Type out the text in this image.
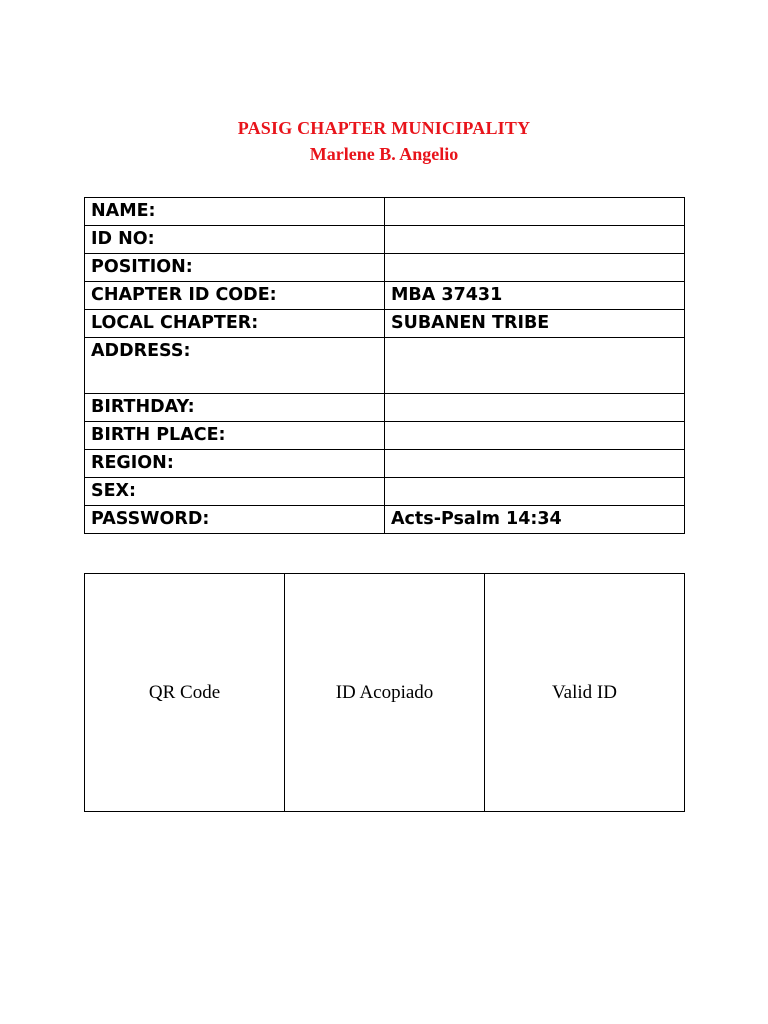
PASIG CHAPTER MUNICIPALITY
Marlene B. Angelio
NAME:	
ID NO:	
POSITION:	
CHAPTER ID CODE:	MBA 37431
LOCAL CHAPTER:	SUBANEN TRIBE
ADDRESS:	
BIRTHDAY:	
BIRTH PLACE:	
REGION:	
SEX:	
PASSWORD:	Acts-Psalm 14:34
QR Code	ID Acopiado	Valid ID
